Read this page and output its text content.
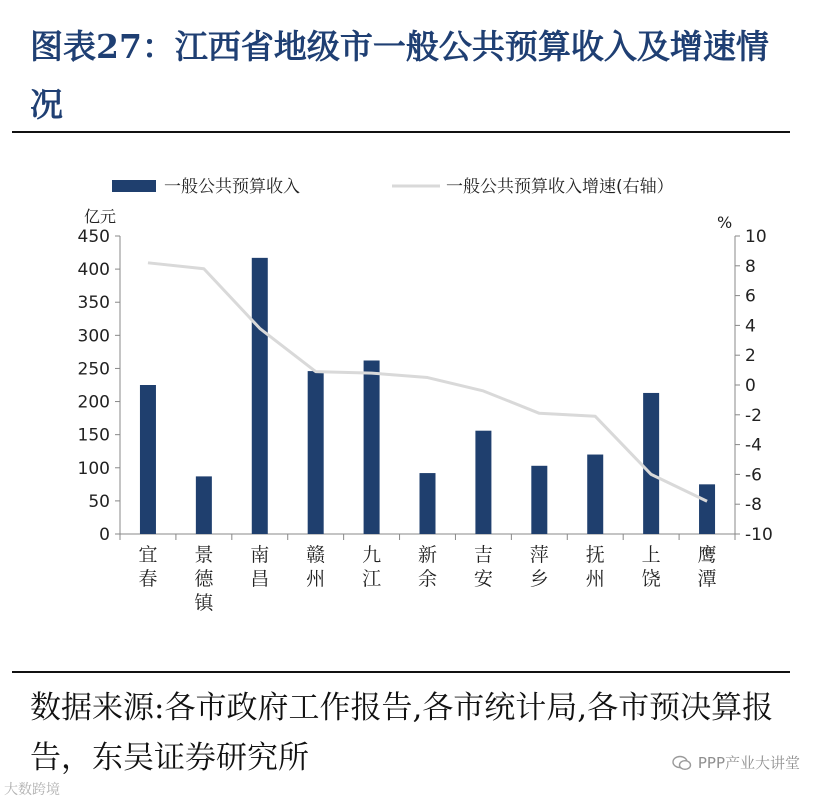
图表27：江西省地级市一般公共预算收入及增速情况
一般公共预算收入	一般公共预算收入增速(右轴）
亿元	%
0
50
100
150
200
250
300
350
400
450
-10
-8
-6
-4
-2
0
2
4
6
8
10
宜
春
景
德
镇
南
昌
赣
州
九
江
新
余
吉
安
萍
乡
抚
州
上
饶
鹰
潭
数据来源:各市政府工作报告,各市统计局,各市预决算报告，东吴证券研究所	PPP产业大讲堂
大数跨境
